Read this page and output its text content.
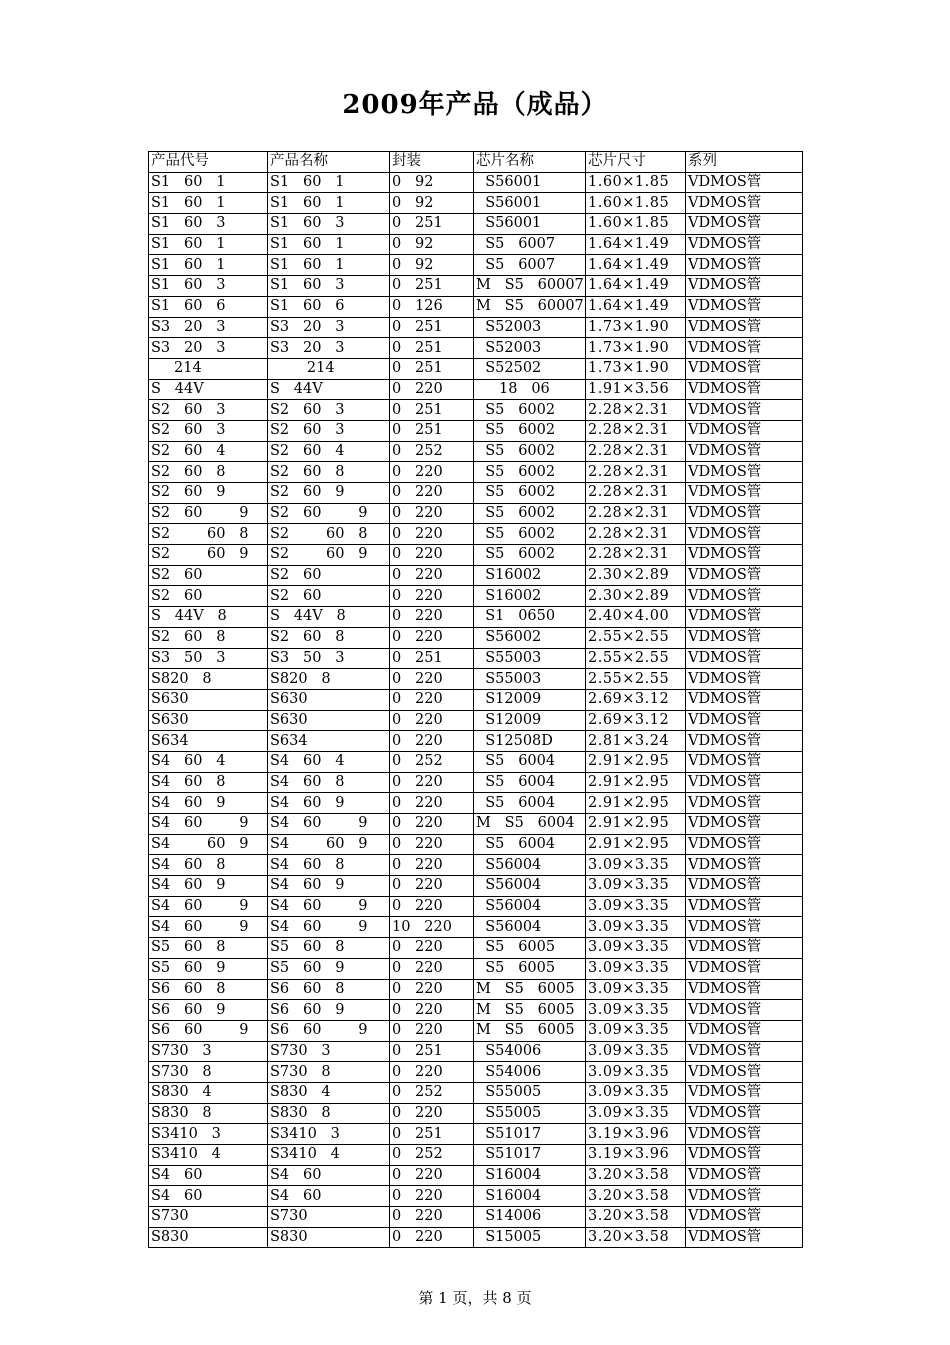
2009年产品（成品）
产品代号	产品名称	封装	芯片名称	芯片尺寸	系列
S1   60   1	S1   60   1	0   92	S56001	1.60×1.85	VDMOS管
S1   60   1	S1   60   1	0   92	S56001	1.60×1.85	VDMOS管
S1   60   3	S1   60   3	0   251	S56001	1.60×1.85	VDMOS管
S1   60   1	S1   60   1	0   92	S5   6007	1.64×1.49	VDMOS管
S1   60   1	S1   60   1	0   92	S5   6007	1.64×1.49	VDMOS管
S1   60   3	S1   60   3	0   251	M   S5   60007	1.64×1.49	VDMOS管
S1   60   6	S1   60   6	0   126	M   S5   60007	1.64×1.49	VDMOS管
S3   20   3	S3   20   3	0   251	S52003	1.73×1.90	VDMOS管
S3   20   3	S3   20   3	0   251	S52003	1.73×1.90	VDMOS管
214	214	0   251	S52502	1.73×1.90	VDMOS管
S   44V	S   44V	0   220	18   06	1.91×3.56	VDMOS管
S2   60   3	S2   60   3	0   251	S5   6002	2.28×2.31	VDMOS管
S2   60   3	S2   60   3	0   251	S5   6002	2.28×2.31	VDMOS管
S2   60   4	S2   60   4	0   252	S5   6002	2.28×2.31	VDMOS管
S2   60   8	S2   60   8	0   220	S5   6002	2.28×2.31	VDMOS管
S2   60   9	S2   60   9	0   220	S5   6002	2.28×2.31	VDMOS管
S2   60        9	S2   60        9	0   220	S5   6002	2.28×2.31	VDMOS管
S2        60   8	S2        60   8	0   220	S5   6002	2.28×2.31	VDMOS管
S2        60   9	S2        60   9	0   220	S5   6002	2.28×2.31	VDMOS管
S2   60	S2   60	0   220	S16002	2.30×2.89	VDMOS管
S2   60	S2   60	0   220	S16002	2.30×2.89	VDMOS管
S   44V   8	S   44V   8	0   220	S1   0650	2.40×4.00	VDMOS管
S2   60   8	S2   60   8	0   220	S56002	2.55×2.55	VDMOS管
S3   50   3	S3   50   3	0   251	S55003	2.55×2.55	VDMOS管
S820   8	S820   8	0   220	S55003	2.55×2.55	VDMOS管
S630	S630	0   220	S12009	2.69×3.12	VDMOS管
S630	S630	0   220	S12009	2.69×3.12	VDMOS管
S634	S634	0   220	S12508D	2.81×3.24	VDMOS管
S4   60   4	S4   60   4	0   252	S5   6004	2.91×2.95	VDMOS管
S4   60   8	S4   60   8	0   220	S5   6004	2.91×2.95	VDMOS管
S4   60   9	S4   60   9	0   220	S5   6004	2.91×2.95	VDMOS管
S4   60        9	S4   60        9	0   220	M   S5   6004	2.91×2.95	VDMOS管
S4        60   9	S4        60   9	0   220	S5   6004	2.91×2.95	VDMOS管
S4   60   8	S4   60   8	0   220	S56004	3.09×3.35	VDMOS管
S4   60   9	S4   60   9	0   220	S56004	3.09×3.35	VDMOS管
S4   60        9	S4   60        9	0   220	S56004	3.09×3.35	VDMOS管
S4   60        9	S4   60        9	10   220	S56004	3.09×3.35	VDMOS管
S5   60   8	S5   60   8	0   220	S5   6005	3.09×3.35	VDMOS管
S5   60   9	S5   60   9	0   220	S5   6005	3.09×3.35	VDMOS管
S6   60   8	S6   60   8	0   220	M   S5   6005	3.09×3.35	VDMOS管
S6   60   9	S6   60   9	0   220	M   S5   6005	3.09×3.35	VDMOS管
S6   60        9	S6   60        9	0   220	M   S5   6005	3.09×3.35	VDMOS管
S730   3	S730   3	0   251	S54006	3.09×3.35	VDMOS管
S730   8	S730   8	0   220	S54006	3.09×3.35	VDMOS管
S830   4	S830   4	0   252	S55005	3.09×3.35	VDMOS管
S830   8	S830   8	0   220	S55005	3.09×3.35	VDMOS管
S3410   3	S3410   3	0   251	S51017	3.19×3.96	VDMOS管
S3410   4	S3410   4	0   252	S51017	3.19×3.96	VDMOS管
S4   60	S4   60	0   220	S16004	3.20×3.58	VDMOS管
S4   60	S4   60	0   220	S16004	3.20×3.58	VDMOS管
S730	S730	0   220	S14006	3.20×3.58	VDMOS管
S830	S830	0   220	S15005	3.20×3.58	VDMOS管
第 1 页，共 8 页
